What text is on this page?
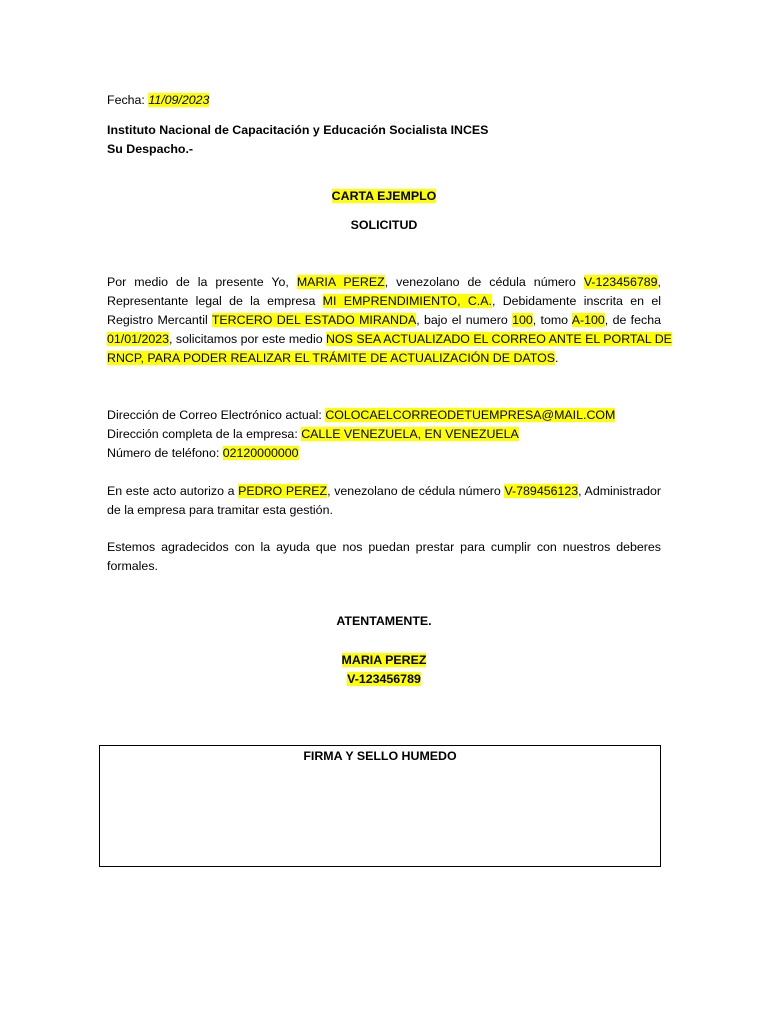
Fecha: 11/09/2023
Instituto Nacional de Capacitación y Educación Socialista INCES
Su Despacho.-
CARTA EJEMPLO
SOLICITUD
Por medio de la presente Yo, MARIA PEREZ, venezolano de cédula número V-123456789,
Representante legal de la empresa MI EMPRENDIMIENTO, C.A., Debidamente inscrita en el
Registro Mercantil TERCERO DEL ESTADO MIRANDA, bajo el numero 100, tomo A-100, de fecha
01/01/2023, solicitamos por este medio NOS SEA ACTUALIZADO EL CORREO ANTE EL PORTAL DE
RNCP, PARA PODER REALIZAR EL TRÁMITE DE ACTUALIZACIÓN DE DATOS.
Dirección de Correo Electrónico actual: COLOCAELCORREODETUEMPRESA@MAIL.COM
Dirección completa de la empresa: CALLE VENEZUELA, EN VENEZUELA
Número de teléfono: 02120000000
En este acto autorizo a PEDRO PEREZ, venezolano de cédula número V-789456123, Administrador
de la empresa para tramitar esta gestión.
Estemos agradecidos con la ayuda que nos puedan prestar para cumplir con nuestros deberes
formales.
ATENTAMENTE.
MARIA PEREZ
V-123456789
FIRMA Y SELLO HUMEDO
